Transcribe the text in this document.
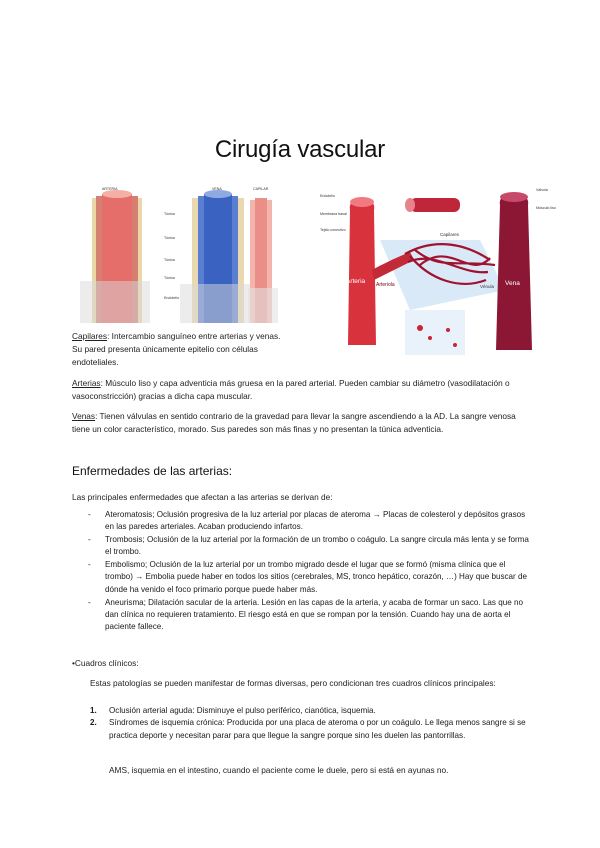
Cirugía vascular
ARTERIA	VENA	CAPILAR
Túnica
Túnica
Túnica
Túnica
Endotelio
Arteria Arteriola	Vena
Capilares
Vénula
Válvula
Endotelio
Músculo liso
Membrana basal
Tejido conectivo
Capilares: Intercambio sanguíneo entre arterias y venas. Su pared presenta únicamente epitelio con células endoteliales.
Arterias: Músculo liso y capa adventicia más gruesa en la pared arterial. Pueden cambiar su diámetro (vasodilatación o vasoconstricción) gracias a dicha capa muscular.
Venas: Tienen válvulas en sentido contrario de la gravedad para llevar la sangre ascendiendo a la AD. La sangre venosa tiene un color característico, morado. Sus paredes son más finas y no presentan la túnica adventicia.
Enfermedades de las arterias:
Las principales enfermedades que afectan a las arterias se derivan de:
- Ateromatosis; Oclusión progresiva de la luz arterial por placas de ateroma → Placas de colesterol y depósitos grasos en las paredes arteriales. Acaban produciendo infartos.
- Trombosis; Oclusión de la luz arterial por la formación de un trombo o coágulo. La sangre circula más lenta y se forma el trombo.
- Embolismo; Oclusión de la luz arterial por un trombo migrado desde el lugar que se formó (misma clínica que el trombo) → Embolia puede haber en todos los sitios (cerebrales, MS, tronco hepático, corazón, …) Hay que buscar de dónde ha venido el foco primario porque puede haber más.
- Aneurisma; Dilatación sacular de la arteria. Lesión en las capas de la arteria, y acaba de formar un saco. Las que no dan clínica no requieren tratamiento. El riesgo está en que se rompan por la tensión. Cuando hay una de aorta el paciente fallece.
•Cuadros clínicos:
Estas patologías se pueden manifestar de formas diversas, pero condicionan tres cuadros clínicos principales:
1. Oclusión arterial aguda: Disminuye el pulso periférico, cianótica, isquemia.
2. Síndromes de isquemia crónica: Producida por una placa de ateroma o por un coágulo. Le llega menos sangre si se practica deporte y necesitan parar para que llegue la sangre porque sino les duelen las pantorrillas.
AMS, isquemia en el intestino, cuando el paciente come le duele, pero si está en ayunas no.
